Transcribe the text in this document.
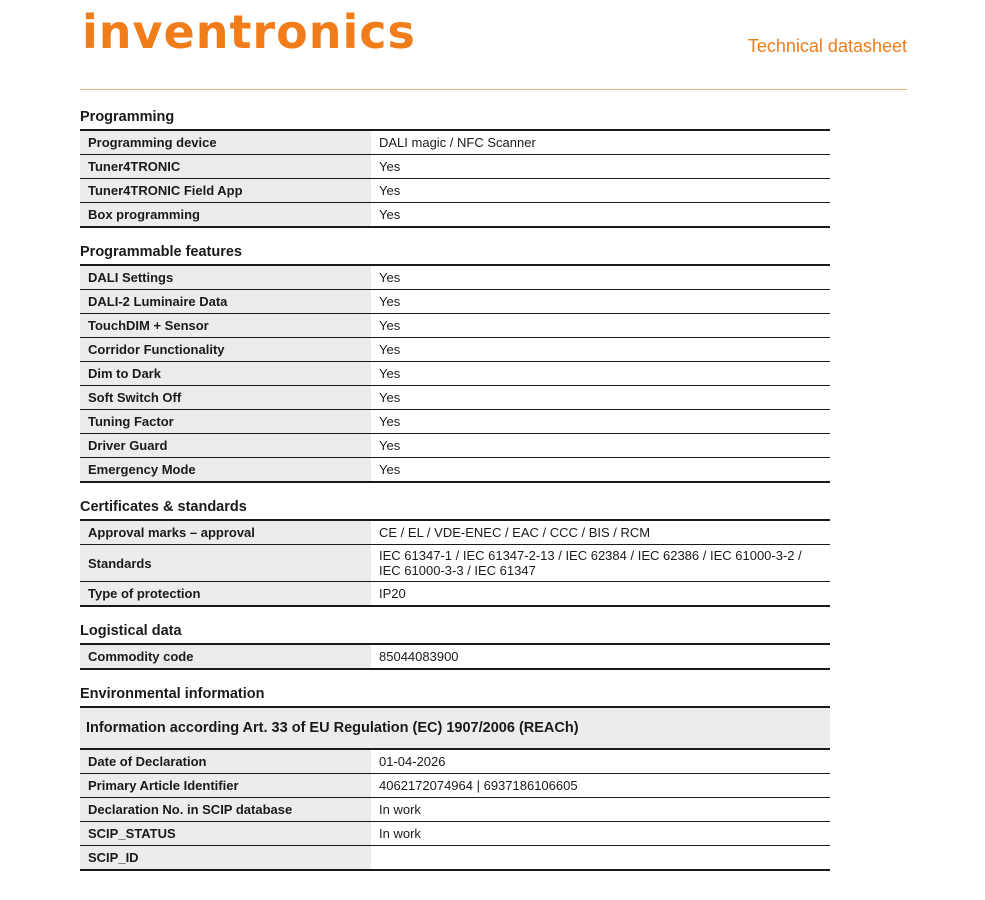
inventronics	Technical datasheet
Programming
Programming device	DALI magic / NFC Scanner
Tuner4TRONIC	Yes
Tuner4TRONIC Field App	Yes
Box programming	Yes
Programmable features
DALI Settings	Yes
DALI-2 Luminaire Data	Yes
TouchDIM + Sensor	Yes
Corridor Functionality	Yes
Dim to Dark	Yes
Soft Switch Off	Yes
Tuning Factor	Yes
Driver Guard	Yes
Emergency Mode	Yes
Certificates & standards
Approval marks – approval	CE / EL / VDE-ENEC / EAC / CCC / BIS / RCM
Standards	IEC 61347-1 / IEC 61347-2-13 / IEC 62384 / IEC 62386 / IEC 61000-3-2 / IEC 61000-3-3 / IEC 61347
Type of protection	IP20
Logistical data
Commodity code	85044083900
Environmental information
Information according Art. 33 of EU Regulation (EC) 1907/2006 (REACh)	
Date of Declaration	01-04-2026
Primary Article Identifier	4062172074964 | 6937186106605
Declaration No. in SCIP database	In work
SCIP_STATUS	In work
SCIP_ID	
